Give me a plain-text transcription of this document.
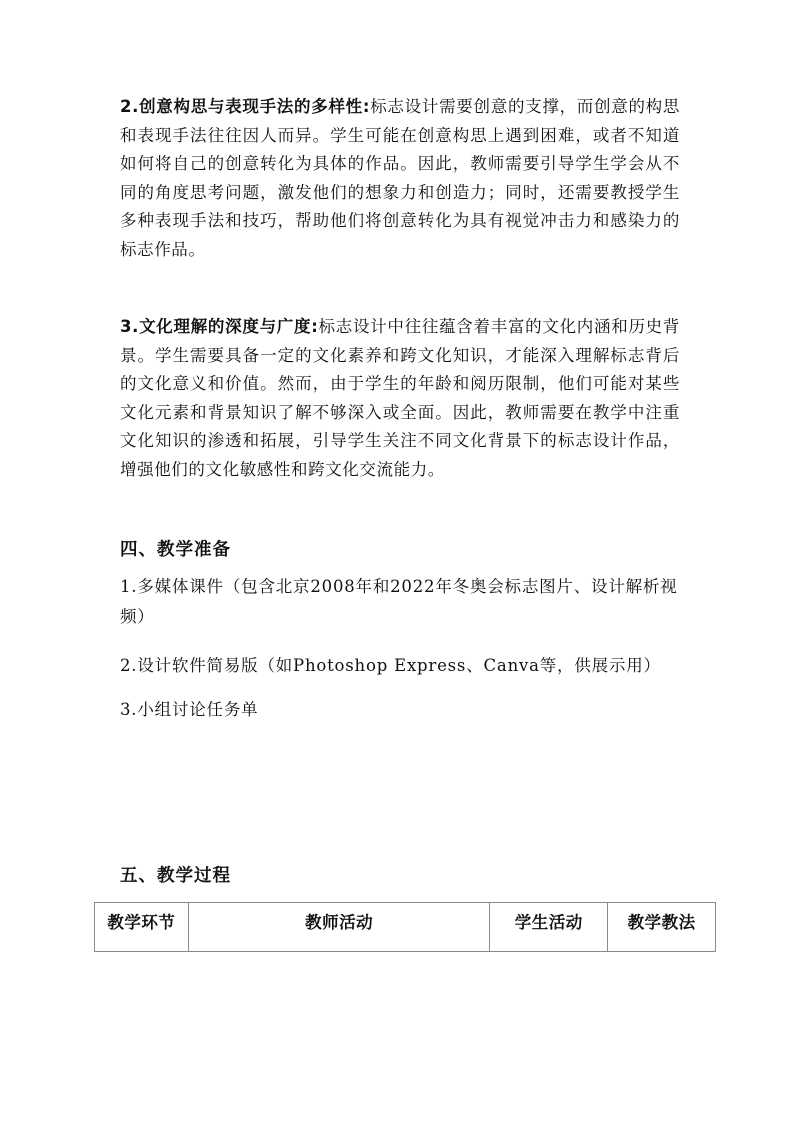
2.创意构思与表现手法的多样性:标志设计需要创意的支撑，而创意的构思和表现手法往往因人而异。学生可能在创意构思上遇到困难，或者不知道如何将自己的创意转化为具体的作品。因此，教师需要引导学生学会从不同的角度思考问题，激发他们的想象力和创造力；同时，还需要教授学生多种表现手法和技巧，帮助他们将创意转化为具有视觉冲击力和感染力的标志作品。
3.文化理解的深度与广度:标志设计中往往蕴含着丰富的文化内涵和历史背景。学生需要具备一定的文化素养和跨文化知识，才能深入理解标志背后的文化意义和价值。然而，由于学生的年龄和阅历限制，他们可能对某些文化元素和背景知识了解不够深入或全面。因此，教师需要在教学中注重文化知识的渗透和拓展，引导学生关注不同文化背景下的标志设计作品，增强他们的文化敏感性和跨文化交流能力。
四、教学准备
1.多媒体课件（包含北京2008年和2022年冬奥会标志图片、设计解析视频）
2.设计软件简易版（如Photoshop Express、Canva等，供展示用）
3.小组讨论任务单
五、教学过程
教学环节	教师活动	学生活动	教学教法
